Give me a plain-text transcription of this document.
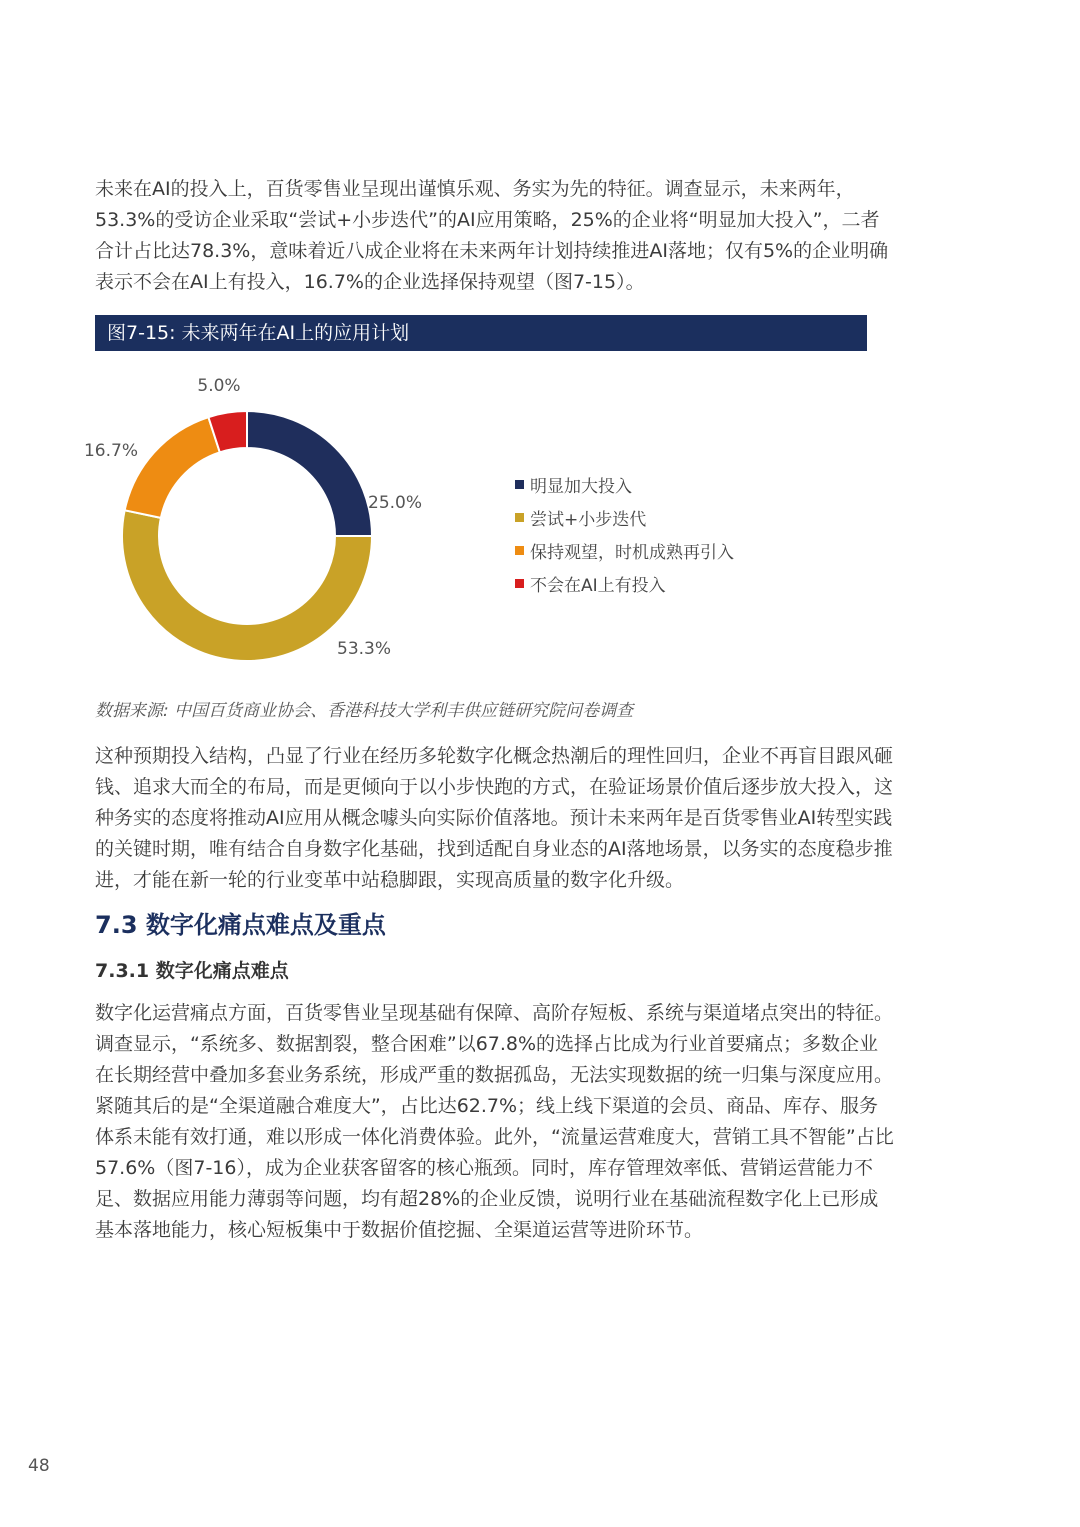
未来在AI的投入上，百货零售业呈现出谨慎乐观、务实为先的特征。调查显示，未来两年，53.3%的受访企业采取“尝试+小步迭代”的AI应用策略，25%的企业将“明显加大投入”，二者合计占比达78.3%，意味着近八成企业将在未来两年计划持续推进AI落地；仅有5%的企业明确表示不会在AI上有投入，16.7%的企业选择保持观望（图7-15）。

图7-15: 未来两年在AI上的应用计划
25.0%
53.3%
16.7%
5.0%
明显加大投入
尝试+小步迭代
保持观望，时机成熟再引入
不会在AI上有投入
数据来源: 中国百货商业协会、香港科技大学利丰供应链研究院问卷调查

这种预期投入结构，凸显了行业在经历多轮数字化概念热潮后的理性回归，企业不再盲目跟风砸钱、追求大而全的布局，而是更倾向于以小步快跑的方式，在验证场景价值后逐步放大投入，这种务实的态度将推动AI应用从概念噱头向实际价值落地。预计未来两年是百货零售业AI转型实践的关键时期，唯有结合自身数字化基础，找到适配自身业态的AI落地场景，以务实的态度稳步推进，才能在新一轮的行业变革中站稳脚跟，实现高质量的数字化升级。

7.3 数字化痛点难点及重点
7.3.1 数字化痛点难点

数字化运营痛点方面，百货零售业呈现基础有保障、高阶存短板、系统与渠道堵点突出的特征。调查显示，“系统多、数据割裂，整合困难”以67.8%的选择占比成为行业首要痛点；多数企业在长期经营中叠加多套业务系统，形成严重的数据孤岛，无法实现数据的统一归集与深度应用。紧随其后的是“全渠道融合难度大”，占比达62.7%；线上线下渠道的会员、商品、库存、服务体系未能有效打通，难以形成一体化消费体验。此外，“流量运营难度大，营销工具不智能”占比57.6%（图7-16），成为企业获客留客的核心瓶颈。同时，库存管理效率低、营销运营能力不足、数据应用能力薄弱等问题，均有超28%的企业反馈，说明行业在基础流程数字化上已形成基本落地能力，核心短板集中于数据价值挖掘、全渠道运营等进阶环节。

48
